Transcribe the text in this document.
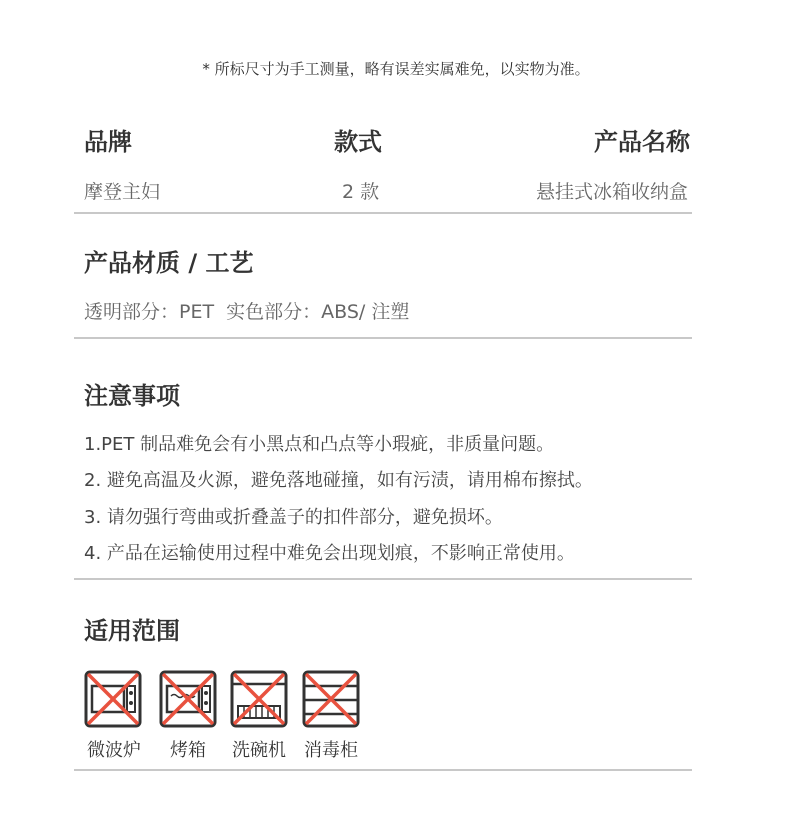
* 所标尺寸为手工测量，略有误差实属难免，以实物为准。
品牌	款式	产品名称
摩登主妇	2 款	悬挂式冰箱收纳盒
产品材质 / 工艺
透明部分：PET  实色部分：ABS/ 注塑
注意事项
1.PET 制品难免会有小黑点和凸点等小瑕疵，非质量问题。
2. 避免高温及火源，避免落地碰撞，如有污渍，请用棉布擦拭。
3. 请勿强行弯曲或折叠盖子的扣件部分，避免损坏。
4. 产品在运输使用过程中难免会出现划痕，不影响正常使用。
适用范围
微波炉	烤箱	洗碗机	消毒柜
